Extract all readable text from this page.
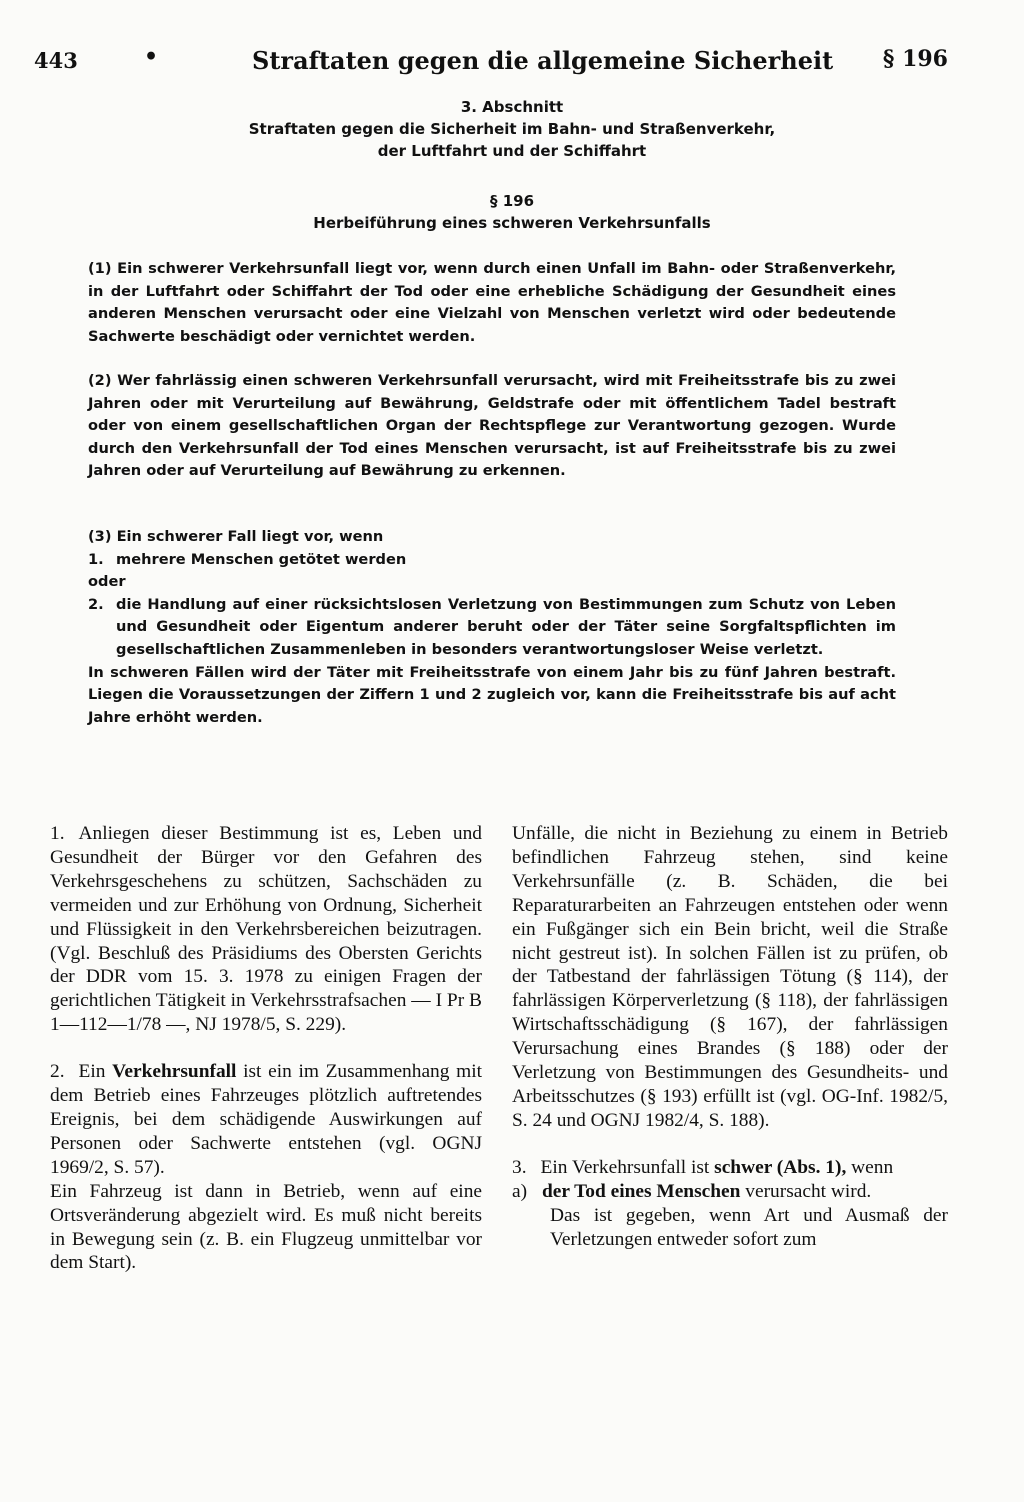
443	•	Straftaten gegen die allgemeine Sicherheit § 196
3. Abschnitt
Straftaten gegen die Sicherheit im Bahn- und Straßenverkehr,
der Luftfahrt und der Schiffahrt
§ 196
Herbeiführung eines schweren Verkehrsunfalls

(1) Ein schwerer Verkehrsunfall liegt vor, wenn durch einen Unfall im Bahn- oder Straßenverkehr, in der Luftfahrt oder Schiffahrt der Tod oder eine erhebliche Schädigung der Gesundheit eines anderen Menschen verursacht oder eine Vielzahl von Menschen verletzt wird oder bedeutende Sachwerte beschädigt oder vernichtet werden.

(2) Wer fahrlässig einen schweren Verkehrsunfall verursacht, wird mit Freiheitsstrafe bis zu zwei Jahren oder mit Verurteilung auf Bewährung, Geldstrafe oder mit öffentlichem Tadel bestraft oder von einem gesellschaftlichen Organ der Rechtspflege zur Verantwortung gezogen. Wurde durch den Verkehrsunfall der Tod eines Menschen verursacht, ist auf Freiheitsstrafe bis zu zwei Jahren oder auf Verurteilung auf Bewährung zu erkennen.

(3) Ein schwerer Fall liegt vor, wenn

1. mehrere Menschen getötet werden

oder

2. die Handlung auf einer rücksichtslosen Verletzung von Bestimmungen zum Schutz von Leben und Gesundheit oder Eigentum anderer beruht oder der Täter seine Sorgfaltspflichten im gesellschaftlichen Zusammenleben in besonders verantwortungsloser Weise verletzt.

In schweren Fällen wird der Täter mit Freiheitsstrafe von einem Jahr bis zu fünf Jahren bestraft. Liegen die Voraussetzungen der Ziffern 1 und 2 zugleich vor, kann die Freiheitsstrafe bis auf acht Jahre erhöht werden.

1. Anliegen dieser Bestimmung ist es, Leben und Gesundheit der Bürger vor den Gefahren des Verkehrsgeschehens zu schützen, Sachschäden zu vermeiden und zur Erhöhung von Ordnung, Sicherheit und Flüssigkeit in den Verkehrsbereichen beizutragen. (Vgl. Beschluß des Präsidiums des Obersten Gerichts der DDR vom 15. 3. 1978 zu einigen Fragen der gerichtlichen Tätigkeit in Verkehrsstrafsachen — I Pr B 1—112—1/78 —, NJ 1978/5, S. 229).

2. Ein Verkehrsunfall ist ein im Zusammenhang mit dem Betrieb eines Fahrzeuges plötzlich auftretendes Ereignis, bei dem schädigende Auswirkungen auf Personen oder Sachwerte entstehen (vgl. OGNJ 1969/2, S. 57).

Ein Fahrzeug ist dann in Betrieb, wenn auf eine Ortsveränderung abgezielt wird. Es muß nicht bereits in Bewegung sein (z. B. ein Flugzeug unmittelbar vor dem Start).

Unfälle, die nicht in Beziehung zu einem in Betrieb befindlichen Fahrzeug stehen, sind keine Verkehrsunfälle (z. B. Schäden, die bei Reparaturarbeiten an Fahrzeugen entstehen oder wenn ein Fußgänger sich ein Bein bricht, weil die Straße nicht gestreut ist). In solchen Fällen ist zu prüfen, ob der Tatbestand der fahrlässigen Tötung (§ 114), der fahrlässigen Körperverletzung (§ 118), der fahrlässigen Wirtschaftsschädigung (§ 167), der fahrlässigen Verursachung eines Brandes (§ 188) oder der Verletzung von Bestimmungen des Gesundheits- und Arbeitsschutzes (§ 193) erfüllt ist (vgl. OG-Inf. 1982/5, S. 24 und OGNJ 1982/4, S. 188).

3. Ein Verkehrsunfall ist schwer (Abs. 1), wenn

a) der Tod eines Menschen verursacht wird.

Das ist gegeben, wenn Art und Ausmaß der Verletzungen entweder sofort zum
